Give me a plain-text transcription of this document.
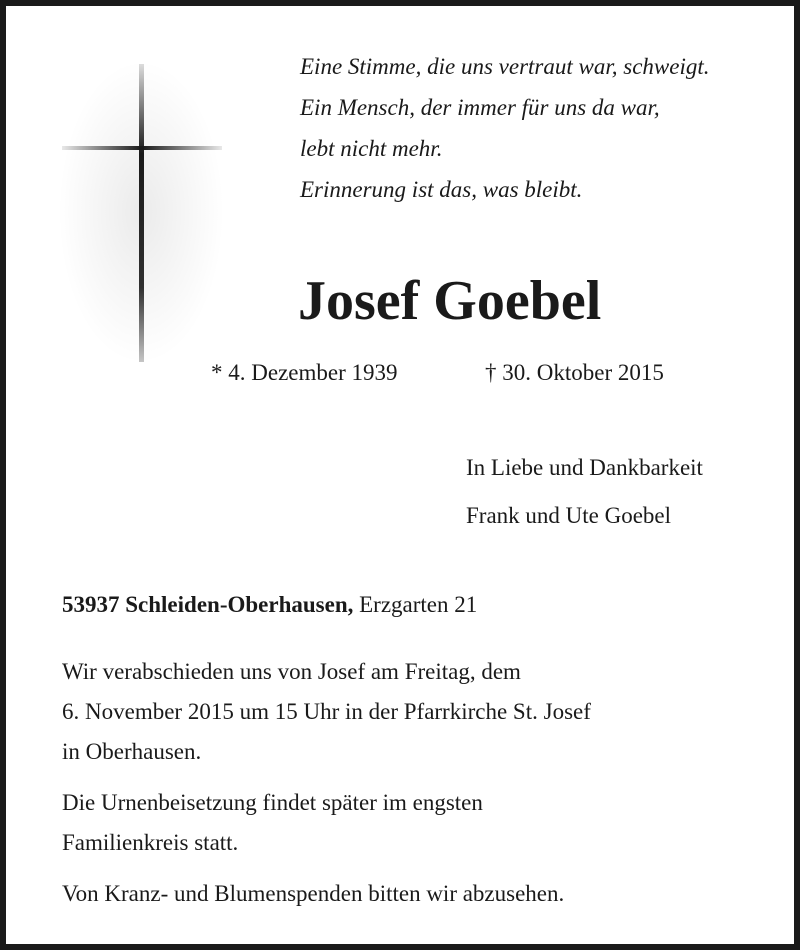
Eine Stimme, die uns vertraut war, schweigt.
Ein Mensch, der immer für uns da war,
lebt nicht mehr.
Erinnerung ist das, was bleibt.
Josef Goebel
* 4. Dezember 1939	† 30. Oktober 2015
In Liebe und Dankbarkeit
Frank und Ute Goebel
53937 Schleiden-Oberhausen, Erzgarten 21

Wir verabschieden uns von Josef am Freitag, dem
6. November 2015 um 15 Uhr in der Pfarrkirche St. Josef
in Oberhausen.

Die Urnenbeisetzung findet später im engsten
Familienkreis statt.

Von Kranz- und Blumenspenden bitten wir abzusehen.
